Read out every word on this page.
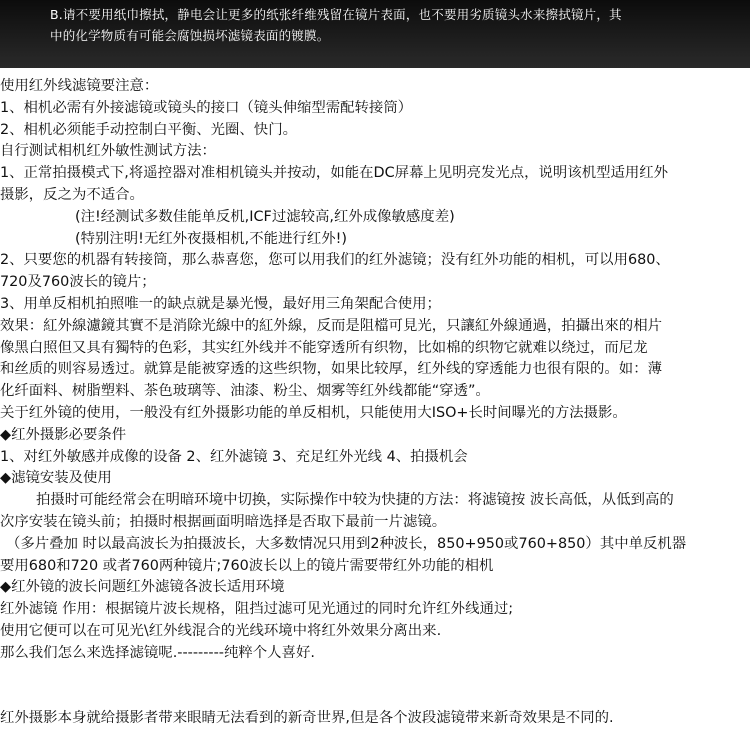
B.请不要用纸巾擦拭，静电会让更多的纸张纤维残留在镜片表面，也不要用劣质镜头水来擦拭镜片，其
中的化学物质有可能会腐蚀损坏滤镜表面的镀膜。

使用红外线滤镜要注意：

1、相机必需有外接滤镜或镜头的接口（镜头伸缩型需配转接筒）

2、相机必须能手动控制白平衡、光圈、快门。

自行测试相机红外敏性测试方法：

1、正常拍摄模式下,将遥控器对准相机镜头并按动，如能在DC屏幕上见明亮发光点，说明该机型适用红外

摄影，反之为不适合。

(注!经测试多数佳能单反机,ICF过滤较高,红外成像敏感度差)

(特别注明!无红外夜摄相机,不能进行红外!)

2、只要您的机器有转接筒，那么恭喜您，您可以用我们的红外滤镜；没有红外功能的相机，可以用680、

720及760波长的镜片；

3、用单反相机拍照唯一的缺点就是暴光慢，最好用三角架配合使用；

效果：紅外線濾鏡其實不是消除光線中的紅外線，反而是阻檔可見光，只讓紅外線通過，拍攝出來的相片

像黑白照但又具有獨特的色彩，其实红外线并不能穿透所有织物，比如棉的织物它就难以绕过，而尼龙

和丝质的则容易透过。就算是能被穿透的这些织物，如果比较厚，红外线的穿透能力也很有限的。如：薄

化纤面料、树脂塑料、茶色玻璃等、油漆、粉尘、烟雾等红外线都能“穿透”。

关于红外镜的使用，一般没有红外摄影功能的单反相机，只能使用大ISO+长时间曝光的方法摄影。

◆红外摄影必要条件

1、对红外敏感并成像的设备 2、红外滤镜 3、充足红外光线 4、拍摄机会

◆滤镜安装及使用

拍摄时可能经常会在明暗环境中切换，实际操作中较为快捷的方法：将滤镜按 波长高低，从低到高的

次序安装在镜头前；拍摄时根据画面明暗选择是否取下最前一片滤镜。

（多片叠加 时以最高波长为拍摄波长，大多数情况只用到2种波长，850+950或760+850）其中单反机器

要用680和720 或者760两种镜片;760波长以上的镜片需要带红外功能的相机

◆红外镜的波长问题红外滤镜各波长适用环境

红外滤镜 作用：根据镜片波长规格，阻挡过滤可见光通过的同时允许红外线通过;

使用它便可以在可见光\红外线混合的光线环境中将红外效果分离出来.

那么我们怎么来选择滤镜呢.---------纯粹个人喜好.

红外摄影本身就给摄影者带来眼睛无法看到的新奇世界,但是各个波段滤镜带来新奇效果是不同的.
